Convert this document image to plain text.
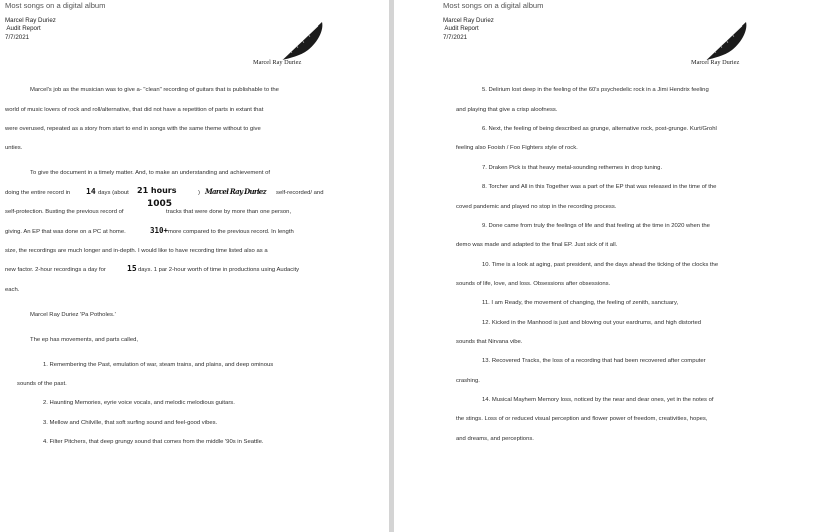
Most songs on a digital album
Marcel Ray Duriez
Audit Report
7/7/2021
Marcel Ray Duriez
Marcel's job as the musician was to give a- "clean" recording of guitars that is publishable to the
world of music lovers of rock and roll/alternative, that did not have a repetition of parts in extant that
were overused, repeated as a story from start to end in songs with the same theme without to give
unties.
To give the document in a timely matter. And, to make an understanding and achievement of
doing the entire record in 14 days (about 21 hours	) Marcel Ray Duriez self-recorded/ and
1005
self-protection. Busting the previous record of	tracks that were done by more than one person,
giving. An EP that was done on a PC at home.	310+ more compared to the previous record. In length
size, the recordings are much longer and in-depth. I would like to have recording time listed also as a
new factor. 2-hour recordings a day for	15 days. 1 par 2-hour worth of time in productions using Audacity
each.
Marcel Ray Duriez 'Pa Potholes.'
The ep has movements, and parts called,
1. Remembering the Past, emulation of war, steam trains, and plains, and deep ominous
sounds of the past.
2. Haunting Memories, eyrie voice vocals, and melodic melodious guitars.
3. Mellow and Chilville, that soft surfing sound and feel-good vibes.
4. Filter Pitchers, that deep grungy sound that comes from the middle '90s in Seattle.
Most songs on a digital album
Marcel Ray Duriez
Audit Report
7/7/2021
Marcel Ray Duriez
5. Delirium lost deep in the feeling of the 60's psychedelic rock in a Jimi Hendrix feeling
and playing that give a crisp aloofness.
6. Next, the feeling of being described as grunge, alternative rock, post-grunge. Kurt/Grohl
feeling also Fooish / Foo Fighters style of rock.
7. Draken Pick is that heavy metal-sounding rethemes in drop tuning.
8. Torcher and All in this Together was a part of the EP that was released in the time of the
coved pandemic and played no stop in the recording process.
9. Done came from truly the feelings of life and that feeling at the time in 2020 when the
demo was made and adapted to the final EP. Just sick of it all.
10. Time is a look at aging, past president, and the days ahead the ticking of the clocks the
sounds of life, love, and loss. Obsessions after obsessions.
11. I am Ready, the movement of changing, the feeling of zenith, sanctuary,
12. Kicked in the Manhood is just and blowing out your eardrums, and high distorted
sounds that Nirvana vibe.
13. Recovered Tracks, the loss of a recording that had been recovered after computer
crashing.
14. Musical Mayhem Memory loss, noticed by the near and dear ones, yet in the notes of
the stings. Loss of or reduced visual perception and flower power of freedom, creativities, hopes,
and dreams, and perceptions.
